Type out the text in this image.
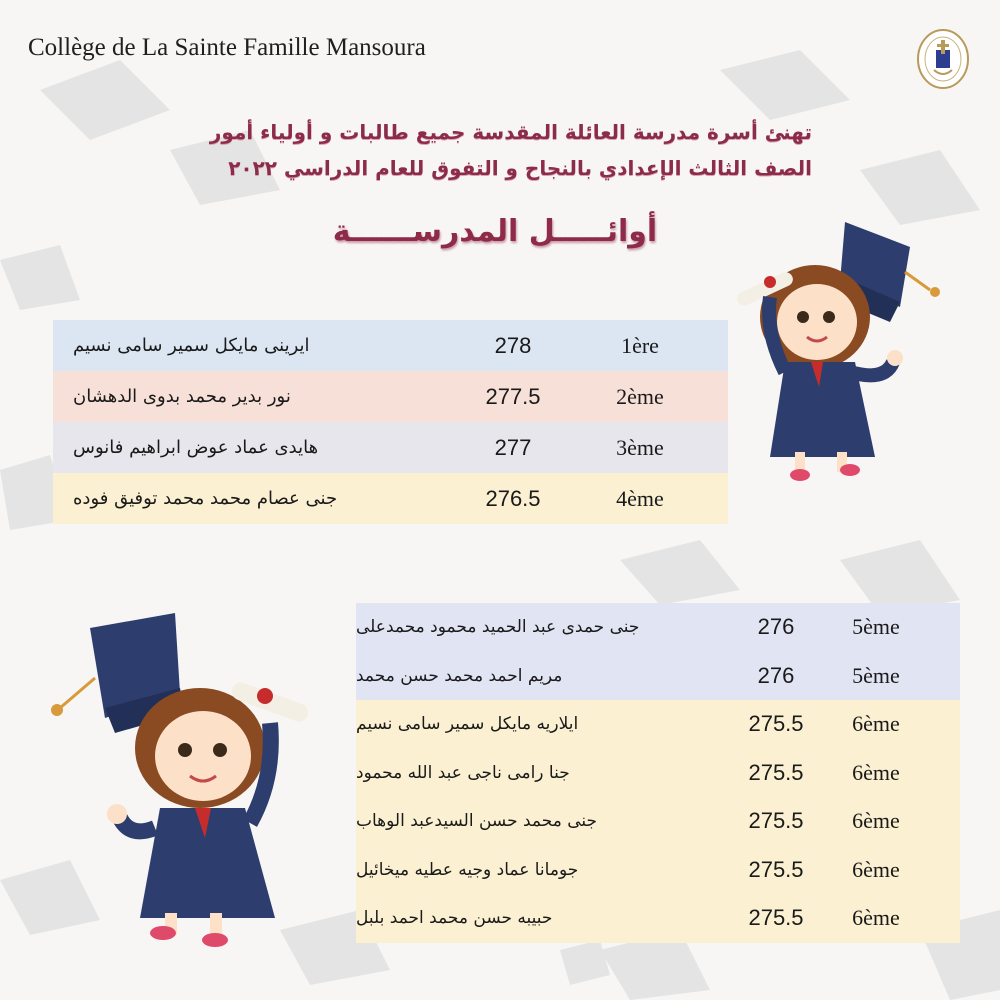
Collège de La Sainte Famille Mansoura
تهنئ أسرة مدرسة العائلة المقدسة جميع طالبات و أولياء أمور
الصف الثالث الإعدادي بالنجاح و التفوق للعام الدراسي ٢٠٢٢
أوائـــــل المدرســــــة
1ère
278
ايرينى مايكل سمير سامى نسيم
2ème
277.5
نور بدير محمد بدوى الدهشان
3ème
277
هايدى عماد عوض ابراهيم فانوس
4ème
276.5
جنى عصام محمد محمد توفيق فوده
5ème
276
جنى حمدى عبد الحميد محمود محمدعلى
5ème
276
مريم احمد محمد حسن محمد
6ème
275.5
ايلاريه مايكل سمير سامى نسيم
6ème
275.5
جنا رامى ناجى عبد الله محمود
6ème
275.5
جنى محمد حسن السيدعبد الوهاب
6ème
275.5
جومانا عماد وجيه عطيه ميخائيل
6ème
275.5
حبيبه حسن محمد احمد بلبل
